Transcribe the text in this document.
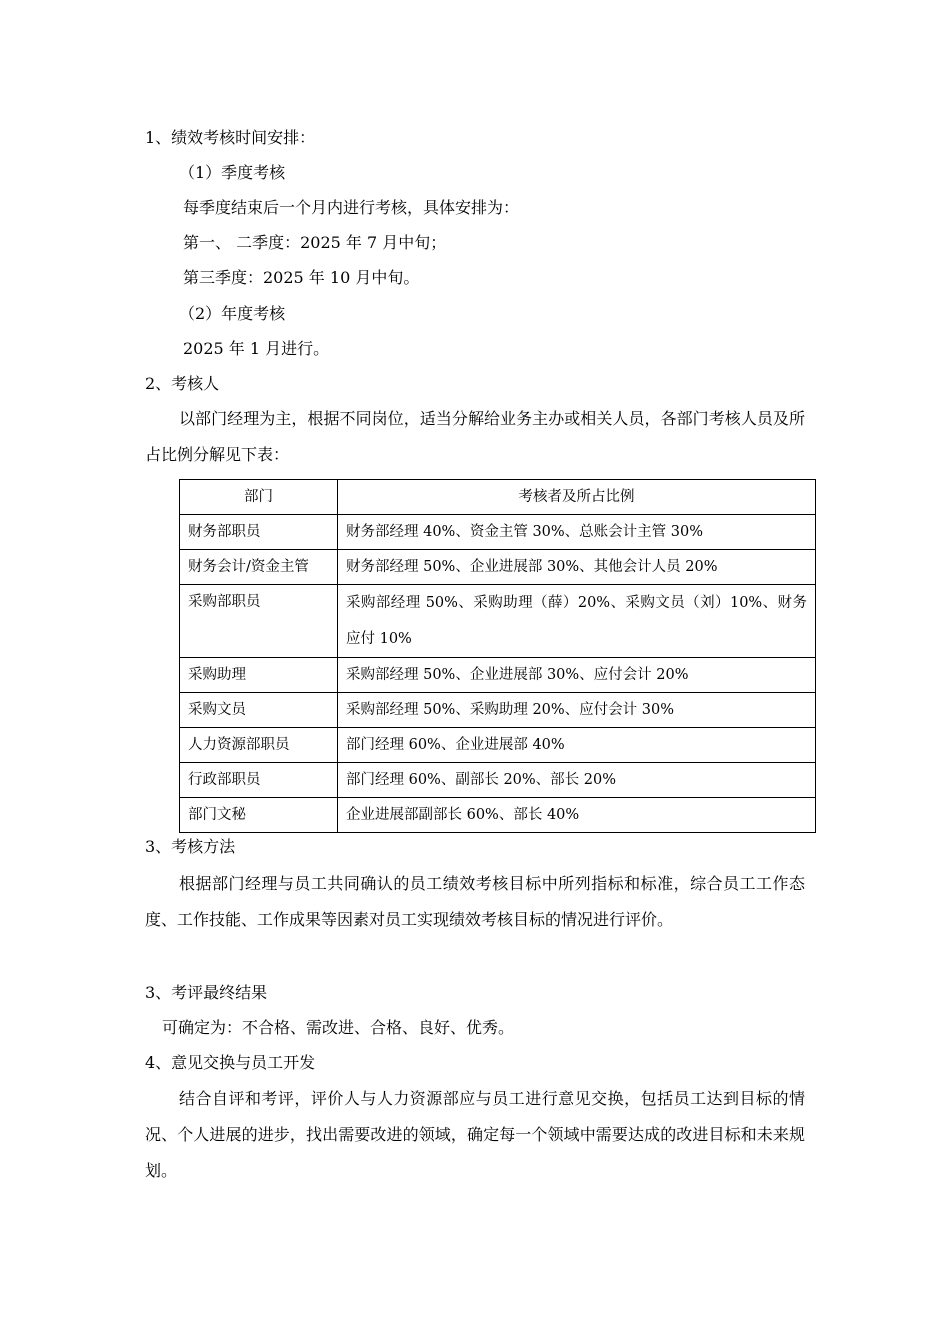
1、绩效考核时间安排：
（1）季度考核
每季度结束后一个月内进行考核，具体安排为：
第一、 二季度：2025 年 7 月中旬；
第三季度：2025 年 10 月中旬。
（2）年度考核
2025 年 1 月进行。
2、考核人
以部门经理为主，根据不同岗位，适当分解给业务主办或相关人员，各部门考核人员及所占比例分解见下表：
部门	考核者及所占比例
财务部职员	财务部经理 40%、资金主管 30%、总账会计主管 30%
财务会计/资金主管	财务部经理 50%、企业进展部 30%、其他会计人员 20%
采购部职员	采购部经理 50%、采购助理（薛）20%、采购文员（刘）10%、财务应付 10%
采购助理	采购部经理 50%、企业进展部 30%、应付会计 20%
采购文员	采购部经理 50%、采购助理 20%、应付会计 30%
人力资源部职员	部门经理 60%、企业进展部 40%
行政部职员	部门经理 60%、副部长 20%、部长 20%
部门文秘	企业进展部副部长 60%、部长 40%
3、考核方法
根据部门经理与员工共同确认的员工绩效考核目标中所列指标和标准，综合员工工作态度、工作技能、工作成果等因素对员工实现绩效考核目标的情况进行评价。
3、考评最终结果
可确定为：不合格、需改进、合格、良好、优秀。
4、意见交换与员工开发
结合自评和考评，评价人与人力资源部应与员工进行意见交换，包括员工达到目标的情况、个人进展的进步，找出需要改进的领域，确定每一个领域中需要达成的改进目标和未来规划。
